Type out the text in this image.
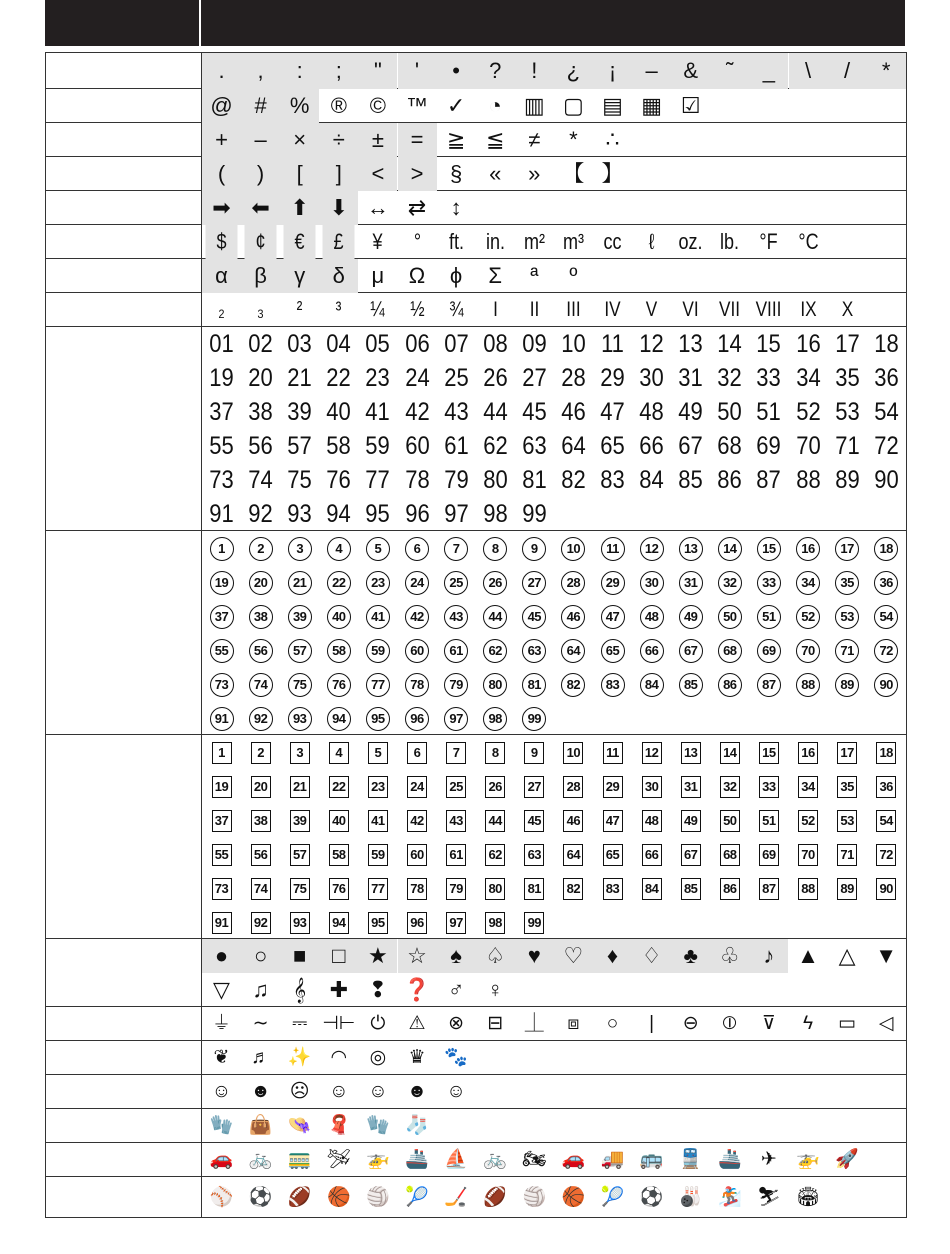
.	,	:	;	"	'	•	?	!	¿	¡	–	&	˜	_	\	/	*
@ #	% ®	© ™ ✓	◔	▥ ▢ ▤ ▦ ☑
+	–	×	÷	±	=	≧ ≦	≠	*	∴
(	)	[	]	<	>	§	«	» 【 】
➡ ⬅ ⬆ ⬇ ↔ ⇄	↕
$	¢	€	£	¥	°	ft.	in. m² m³ cc	ℓ	oz. lb. °F °C
α	β	γ	δ	μ	Ω	ϕ	Σ	ª	º
₂	₃	²	³	¼	½	¾	I	II	III	IV	V	VI VII VIII IX	X
01 02 03 04 05 06 07 08 09 10 11 12 13 14 15 16 17 18
19 20 21 22 23 24 25 26 27 28 29 30 31 32 33 34 35 36
37 38 39 40 41 42 43 44 45 46 47 48 49 50 51 52 53 54
55 56 57 58 59 60 61 62 63 64 65 66 67 68 69 70 71 72
73 74 75 76 77 78 79 80 81 82 83 84 85 86 87 88 89 90
91 92 93 94 95 96 97 98 99
1	2	3	4	5	6	7	8	9	10	11	12	13	14	15	16	17	18
19	20	21	22	23	24	25	26	27	28	29	30	31	32	33	34	35	36
37	38	39	40	41	42	43	44	45	46	47	48	49	50	51	52	53	54
55	56	57	58	59	60	61	62	63	64	65	66	67	68	69	70	71	72
73	74	75	76	77	78	79	80	81	82	83	84	85	86	87	88	89	90
91	92	93	94	95	96	97	98	99
1	2	3	4	5	6	7	8	9	10	11	12	13	14	15	16	17	18
19	20	21	22	23	24	25	26	27	28	29	30	31	32	33	34	35	36
37	38	39	40	41	42	43	44	45	46	47	48	49	50	51	52	53	54
55	56	57	58	59	60	61	62	63	64	65	66	67	68	69	70	71	72
73	74	75	76	77	78	79	80	81	82	83	84	85	86	87	88	89	90
91	92	93	94	95	96	97	98	99
●	○	■	□	★ ☆	♠	♤	♥	♡	♦	♢	♣	♧	♪	▲ △ ▼
▽	♫	𝄞	✚ ❢ ❓ ♂	♀
⏚	∼	⎓ ⊣⊢ ⏻	⚠	⊗	⊟	⏊	⧈	○	|	⊖	⦶	⊽	ϟ	▭	◁
❦	♬ ✨ ◠	◎	♛ 🐾
☺	☻	☹	☺	☺	☻	☺
🧤 👜 👒 🧣 🧤 🧦
🚗 🚲 🚃 🛩 🚁 🚢 ⛵ 🚲 🏍 🚗 🚚 🚌 🚆 🚢	✈	🚁 🚀
⚾ ⚽ 🏈 🏀 🏐 🎾 🏒 🏈 🏐 🏀 🎾 ⚽ 🎳 🏂 ⛷ 🏟
